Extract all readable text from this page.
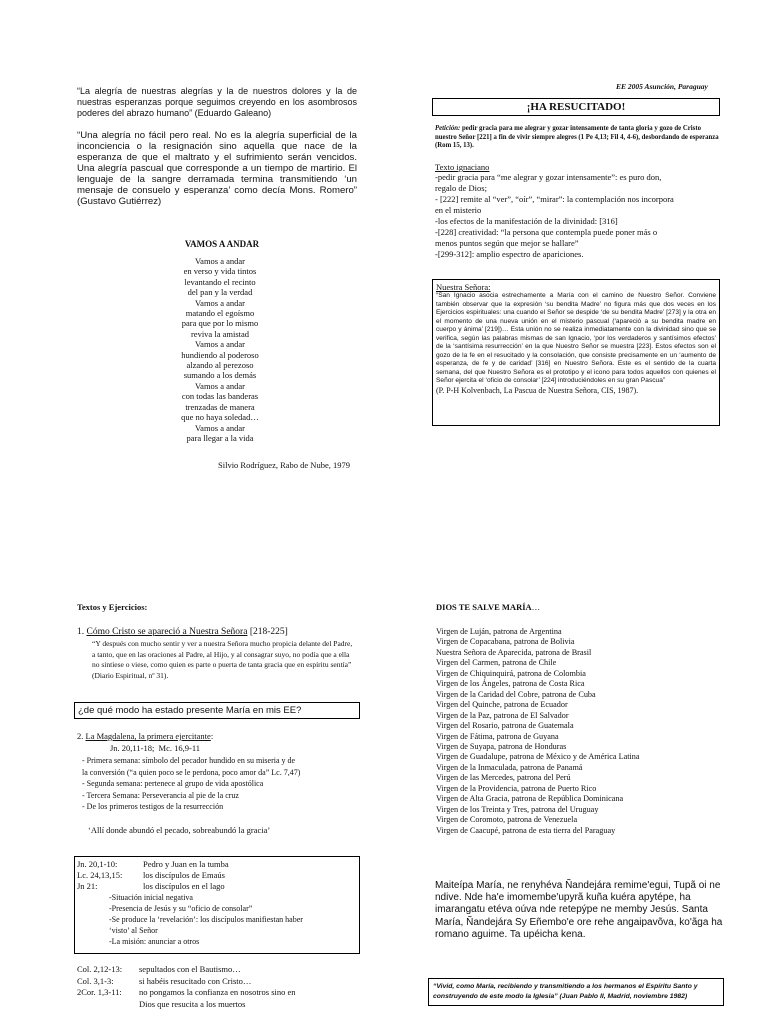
“La alegría de nuestras alegrías y la de nuestros dolores y la de nuestras esperanzas porque seguimos creyendo en los asombrosos poderes del abrazo humano” (Eduardo Galeano)
“Una alegría no fácil pero real. No es la alegría superficial de la inconciencia o la resignación sino aquella que nace de la esperanza de que el maltrato y el sufrimiento serán vencidos. Una alegría pascual que corresponde a un tiempo de martirio. El lenguaje de la sangre derramada termina transmitiendo ‘un mensaje de consuelo y esperanza’ como decía Mons. Romero” (Gustavo Gutiérrez)
VAMOS A ANDAR
Vamos a andar
en verso y vida tintos
levantando el recinto
del pan y la verdad
Vamos a andar
matando el egoísmo
para que por lo mismo
reviva la amistad
Vamos a andar
hundiendo al poderoso
alzando al perezoso
sumando a los demás
Vamos a andar
con todas las banderas
trenzadas de manera
que no haya soledad…
Vamos a andar
para llegar a la vida
Silvio Rodríguez, Rabo de Nube, 1979
EE 2005 Asunción, Paraguay
¡HA RESUCITADO!
Petición: pedir gracia para me alegrar y gozar intensamente de tanta gloria y gozo de Cristo nuestro Señor [221] a fin de vivir siempre alegres (1 Pe 4,13; Fil 4, 4-6), desbordando de esperanza (Rom 15, 13).
Texto ignaciano
-pedir gracia para “me alegrar y gozar intensamente”: es puro don,
regalo de Dios;
- [222] remite al “ver”, “oír”, “mirar”: la contemplación nos incorpora
en el misterio
-los efectos de la manifestación de la divinidad: [316]
-[228] creatividad: “la persona que contempla puede poner más o
menos puntos según que mejor se hallare”
-[299-312]: amplio espectro de apariciones.
Nuestra Señora:
“San Ignacio asocia estrechamente a María con el camino de Nuestro Señor. Conviene también observar que la expresión ‘su bendita Madre’ no figura más que dos veces en los Ejercicios espirituales: una cuando el Señor se despide ‘de su bendita Madre’ [273] y la otra en el momento de una nueva unión en el misterio pascual (‘apareció a su bendita madre en cuerpo y ánima’ [219])… Esta unión no se realiza inmediatamente con la divinidad sino que se verifica, según las palabras mismas de san Ignacio, ‘por los verdaderos y santísimos efectos’ de la ‘santísima resurrección’ en la que Nuestro Señor se muestra [223]. Estos efectos son el gozo de la fe en el resucitado y la consolación, que consiste precisamente en un ‘aumento de esperanza, de fe y de caridad’ [316] en Nuestro Señora. Este es el sentido de la cuarta semana, del que Nuestro Señora es el prototipo y el icono para todos aquellos con quienes el Señor ejercita el ‘oficio de consolar’ [224] introduciéndoles en su gran Pascua”
(P. P-H Kolvenbach, La Pascua de Nuestra Señora, CIS, 1987).
Textos y Ejercicios:
1. Cómo Cristo se apareció a Nuestra Señora [218-225]
“Y después con mucho sentir y ver a nuestra Señora mucho propicia delante del Padre, a tanto, que en las oraciones al Padre, al Hijo, y al consagrar suyo, no podía que a ella no sintiese o viese, como quien es parte o puerta de tanta gracia que en espíritu sentía” (Diario Espiritual, nº 31).
¿de qué modo ha estado presente María en mis EE?
2. La Magdalena, la primera ejercitante:
Jn. 20,11-18;  Mc. 16,9-11
- Primera semana: símbolo del pecador hundido en su miseria y de
la conversión (“a quien poco se le perdona, poco amor da” Lc. 7,47)
- Segunda semana: pertenece al grupo de vida apostólica
- Tercera Semana: Perseverancia al pie de la cruz
- De los primeros testigos de la resurrección
‘Allí donde abundó el pecado, sobreabundó la gracia’
Jn. 20,1-10:	Pedro y Juan en la tumba
Lc. 24,13,15: los discípulos de Emaús
Jn 21:	los discípulos en el lago
-Situación inicial negativa
-Presencia de Jesús y su “oficio de consolar”
-Se produce la ‘revelación’: los discípulos manifiestan haber
‘visto’ al Señor
-La misión: anunciar a otros
Col. 2,12-13: sepultados con el Bautismo…
Col. 3,1-3:	si habéis resucitado con Cristo…
2Cor. 1,3-11: no pongamos la confianza en nosotros sino en
Dios que resucita a los muertos
DIOS TE SALVE MARÍA…
Virgen de Luján, patrona de Argentina
Virgen de Copacabana, patrona de Bolivia
Nuestra Señora de Aparecida, patrona de Brasil
Virgen del Carmen, patrona de Chile
Virgen de Chiquinquirá, patrona de Colombia
Virgen de los Ángeles, patrona de Costa Rica
Virgen de la Caridad del Cobre, patrona de Cuba
Virgen del Quinche, patrona de Ecuador
Virgen de la Paz, patrona de El Salvador
Virgen del Rosario, patrona de Guatemala
Virgen de Fátima, patrona de Guyana
Virgen de Suyapa, patrona de Honduras
Virgen de Guadalupe, patrona de México y de América Latina
Virgen de la Inmaculada, patrona de Panamá
Virgen de las Mercedes, patrona del Perú
Virgen de la Providencia, patrona de Puerto Rico
Virgen de Alta Gracia, patrona de República Dominicana
Virgen de los Treinta y Tres, patrona del Uruguay
Virgen de Coromoto, patrona de Venezuela
Virgen de Caacupé, patrona de esta tierra del Paraguay
Maiteípa María, ne renyhéva Ñandejára remime'egui, Tupã oi ne ndive. Nde ha'e imomembe'upyrã kuña kuéra apytépe, ha imarangatu etéva oúva nde retepýpe ne memby Jesús. Santa María, Ñandejára Sy Eñembo'e ore rehe angaipavõva, ko'ãga ha romano aguime. Ta upéicha kena.
“Vivid, como María, recibiendo y transmitiendo a los hermanos el Espíritu Santo y construyendo de este modo la Iglesia” (Juan Pablo II, Madrid, noviembre 1982)
